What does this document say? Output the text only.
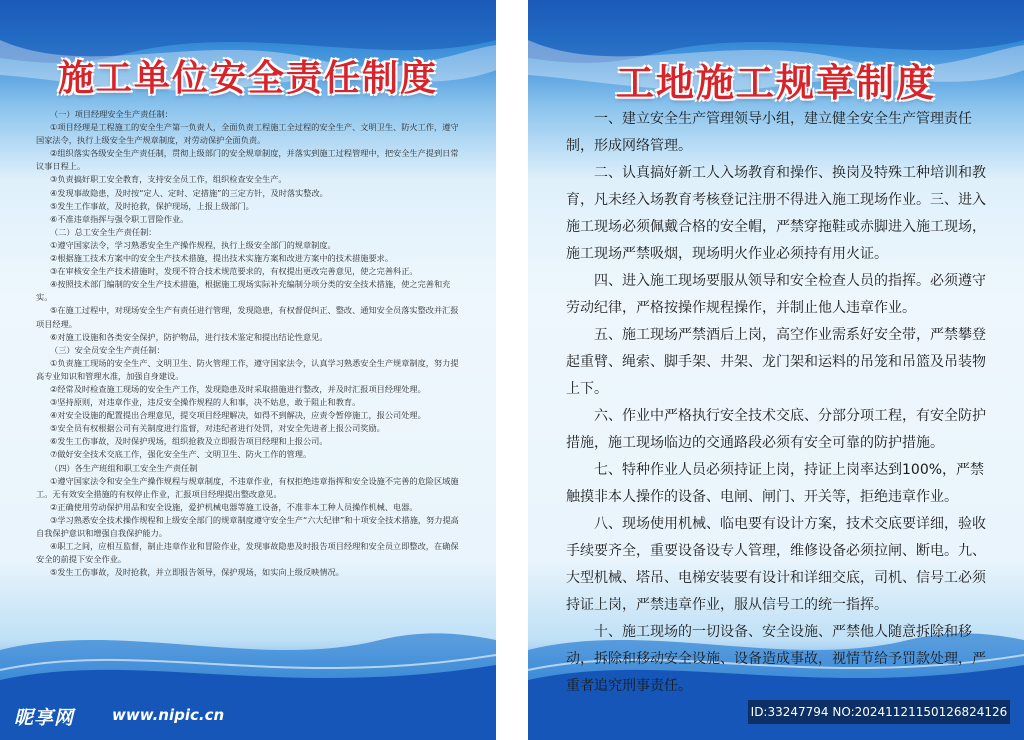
施工单位安全责任制度

（一）项目经理安全生产责任制：

①项目经理是工程施工的安全生产第一负责人，全面负责工程施工全过程的安全生产、文明卫生、防火工作，遵守国家法令，执行上级安全生产规章制度，对劳动保护全面负责。

②组织落实各级安全生产责任制，贯彻上级部门的安全规章制度，并落实到施工过程管理中，把安全生产提到日常议事日程上。

③负责搞好职工安全教育，支持安全员工作，组织检查安全生产。

④发现事故隐患，及时按“定人、定时、定措施”的三定方针，及时落实整改。

⑤发生工作事故，及时抢救，保护现场，上报上级部门。

⑥不准违章指挥与强令职工冒险作业。

（二）总工安全生产责任制：

①遵守国家法令，学习熟悉安全生产操作规程，执行上级安全部门的规章制度。

②根据施工技术方案中的安全生产技术措施，提出技术实施方案和改进方案中的技术措施要求。

③在审核安全生产技术措施时，发现不符合技术规范要求的，有权提出更改完善意见，使之完善科正。

④按照技术部门编制的安全生产技术措施，根据施工现场实际补充编制分项分类的安全技术措施，使之完善和充实。

⑤在施工过程中，对现场安全生产有责任进行管理，发现隐患，有权督促纠正、整改、通知安全员落实整改并汇报项目经理。

⑥对施工设施和各类安全保护，防护物品，进行技术鉴定和提出结论性意见。

（三）安全员安全生产责任制：

①负责施工现场的安全生产、文明卫生、防火管理工作，遵守国家法令，认真学习熟悉安全生产规章制度，努力提高专业知识和管理水准，加强自身建设。

②经常及时检查施工现场的安全生产工作，发现隐患及时采取措施进行整改，并及时汇报项目经理处理。

③坚持原则，对违章作业，违反安全操作规程的人和事，决不姑息，敢于阻止和教育。

④对安全设施的配置提出合理意见，提交项目经理解决，如得不到解决，应责令暂停施工，报公司处理。

⑤安全员有权根据公司有关制度进行监督，对违纪者进行处罚，对安全先进者上报公司奖励。

⑥发生工伤事故，及时保护现场，组织抢救及立即报告项目经理和上报公司。

⑦做好安全技术交底工作，强化安全生产、文明卫生、防火工作的管理。

（四）各生产班组和职工安全生产责任制

①遵守国家法令和安全生产操作规程与规章制度，不违章作业，有权拒绝违章指挥和安全设施不完善的危险区域施工。无有效安全措施的有权停止作业，汇报项目经理提出整改意见。

②正确使用劳动保护用品和安全设施，爱护机械电器等施工设备，不准非本工种人员操作机械、电器。

③学习熟悉安全技术操作规程和上级安全部门的规章制度遵守安全生产“六大纪律”和十项安全技术措施，努力提高自我保护意识和增强自我保护能力。

④职工之间，应相互监督，制止违章作业和冒险作业，发现事故隐患及时报告项目经理和安全员立即整改，在确保安全的前提下安全作业。

⑤发生工伤事故，及时抢救，并立即报告领导，保护现场，如实向上级反映情况。

昵享网	www.nipic.cn
工地施工规章制度

一、建立安全生产管理领导小组，建立健全安全生产管理责任制，形成网络管理。

二、认真搞好新工人入场教育和操作、换岗及特殊工种培训和教育，凡未经入场教育考核登记注册不得进入施工现场作业。三、进入施工现场必须佩戴合格的安全帽，严禁穿拖鞋或赤脚进入施工现场，施工现场严禁吸烟，现场明火作业必须持有用火证。

四、进入施工现场要服从领导和安全检查人员的指挥。必须遵守劳动纪律，严格按操作规程操作，并制止他人违章作业。

五、施工现场严禁酒后上岗，高空作业需系好安全带，严禁攀登起重臂、绳索、脚手架、井架、龙门架和运料的吊笼和吊篮及吊装物上下。

六、作业中严格执行安全技术交底、分部分项工程，有安全防护措施，施工现场临边的交通路段必须有安全可靠的防护措施。

七、特种作业人员必须持证上岗，持证上岗率达到100%，严禁触摸非本人操作的设备、电闸、闸门、开关等，拒绝违章作业。

八、现场使用机械、临电要有设计方案，技术交底要详细，验收手续要齐全，重要设备设专人管理，维修设备必须拉闸、断电。九、大型机械、塔吊、电梯安装要有设计和详细交底，司机、信号工必须持证上岗，严禁违章作业，服从信号工的统一指挥。

十、施工现场的一切设备、安全设施、严禁他人随意拆除和移动，拆除和移动安全设施、设备造成事故，视情节给予罚款处理，严重者追究刑事责任。

ID:33247794 NO:20241121150126824126
